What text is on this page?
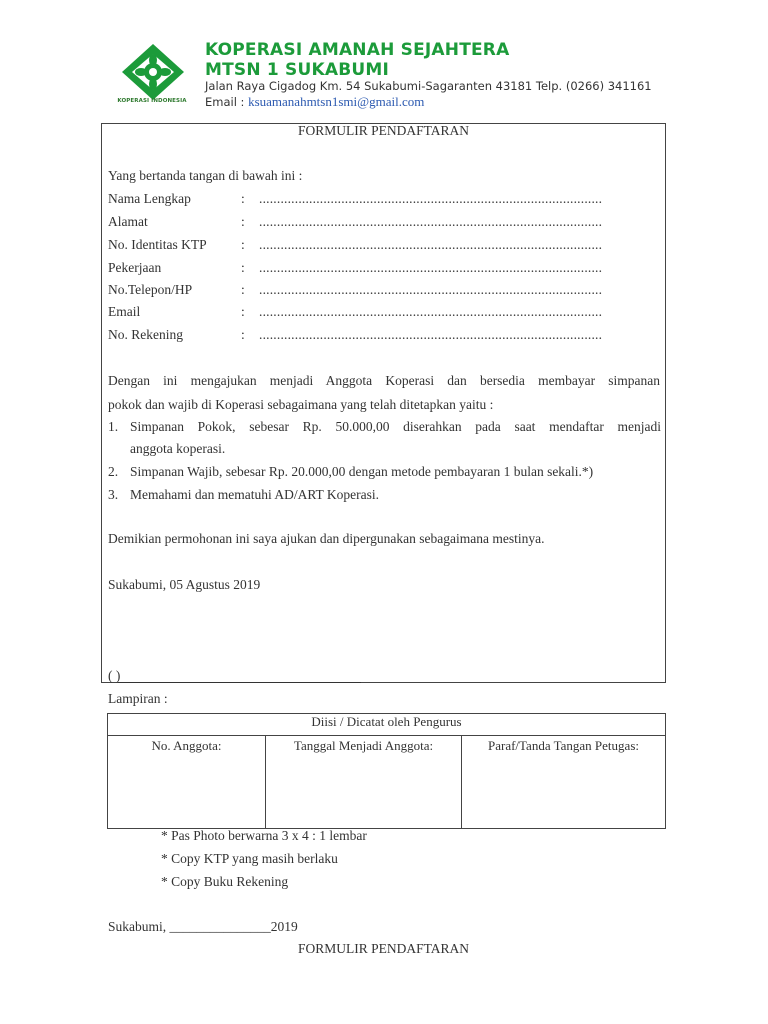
KOPERASI INDONESIA
KOPERASI AMANAH SEJAHTERA
MTSN 1 SUKABUMI
Jalan Raya Cigadog Km. 54 Sukabumi-Sagaranten 43181 Telp. (0266) 341161
Email : ksuamanahmtsn1smi@gmail.com
FORMULIR PENDAFTARAN
Yang bertanda tangan di bawah ini :
Nama Lengkap	: ................................................................................................
Alamat	: ................................................................................................
No. Identitas KTP	: ................................................................................................
Pekerjaan	: ................................................................................................
No.Telepon/HP	: ................................................................................................
Email	: ................................................................................................
No. Rekening	: ................................................................................................
Dengan ini mengajukan menjadi Anggota Koperasi dan bersedia membayar simpanan
pokok dan wajib di Koperasi sebagaimana yang telah ditetapkan yaitu :
1. Simpanan Pokok, sebesar Rp. 50.000,00 diserahkan pada saat mendaftar menjadi
anggota koperasi.
2. Simpanan Wajib, sebesar Rp. 20.000,00 dengan metode pembayaran 1 bulan sekali.*)
3. Memahami dan mematuhi AD/ART Koperasi.
Demikian permohonan ini saya ajukan dan dipergunakan sebagaimana mestinya.
Sukabumi, 05 Agustus 2019
( )
Lampiran :
Diisi / Dicatat oleh Pengurus
No. Anggota:	Tanggal Menjadi Anggota:	Paraf/Tanda Tangan Petugas:
* Pas Photo berwarna 3 x 4 : 1 lembar
* Copy KTP yang masih berlaku
* Copy Buku Rekening
Sukabumi, _______________2019
FORMULIR PENDAFTARAN
